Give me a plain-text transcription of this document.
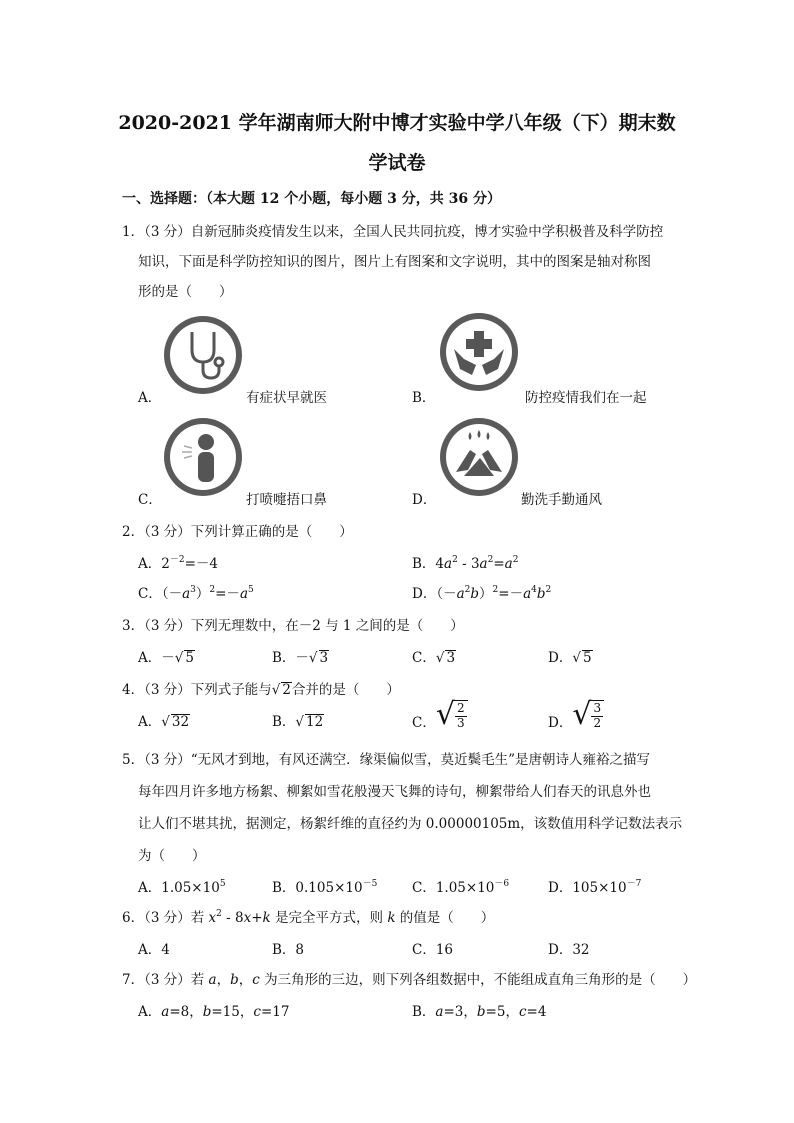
2020-2021 学年湖南师大附中博才实验中学八年级（下）期末数
学试卷
一、选择题：（本大题 12 个小题，每小题 3 分，共 36 分）
1．（3 分）自新冠肺炎疫情发生以来，全国人民共同抗疫，博才实验中学积极普及科学防控
知识，下面是科学防控知识的图片，图片上有图案和文字说明，其中的图案是轴对称图
形的是（　　）
A．	有症状早就医	B．	防控疫情我们在一起
C．	打喷嚏捂口鼻	D．	勤洗手勤通风
2．（3 分）下列计算正确的是（　　）
A．$2^{-2}=-4$	B．$4a^2 - 3a^2=a^2$
C．$(-a^3)^2=-a^5$	D．$(-a^2b)^2=-a^4b^2$
3．（3 分）下列无理数中，在－2 与 1 之间的是（　　）
A．－√ 5	B．－√ 3	C．√ 3	D．√ 5
4．（3 分）下列式子能与√ 2合并的是（　　）
A．√ 32	B．√ 12	C． √ $\frac{2}{3}$	D． √ $\frac{3}{2}$
5．（3 分）“无风才到地，有风还满空．缘渠偏似雪，莫近鬓毛生”是唐朝诗人雍裕之描写
每年四月许多地方杨絮、柳絮如雪花般漫天飞舞的诗句，柳絮带给人们春天的讯息外也
让人们不堪其扰，据测定，杨絮纤维的直径约为 0.00000105m，该数值用科学记数法表示
为（　　）
A．$1.05\times 10^5$	B．$0.105\times 10^{-5}$	C．$1.05\times 10^{-6}$	D．$105\times 10^{-7}$
6．（3 分）若 $x^2 - 8x+k$ 是完全平方式，则 k 的值是（　　）
A．4	B．8	C．16	D．32
7．（3 分）若 a，b，c 为三角形的三边，则下列各组数据中，不能组成直角三角形的是（　　）
A．a=8，b=15，c=17	B．a=3，b=5，c=4
